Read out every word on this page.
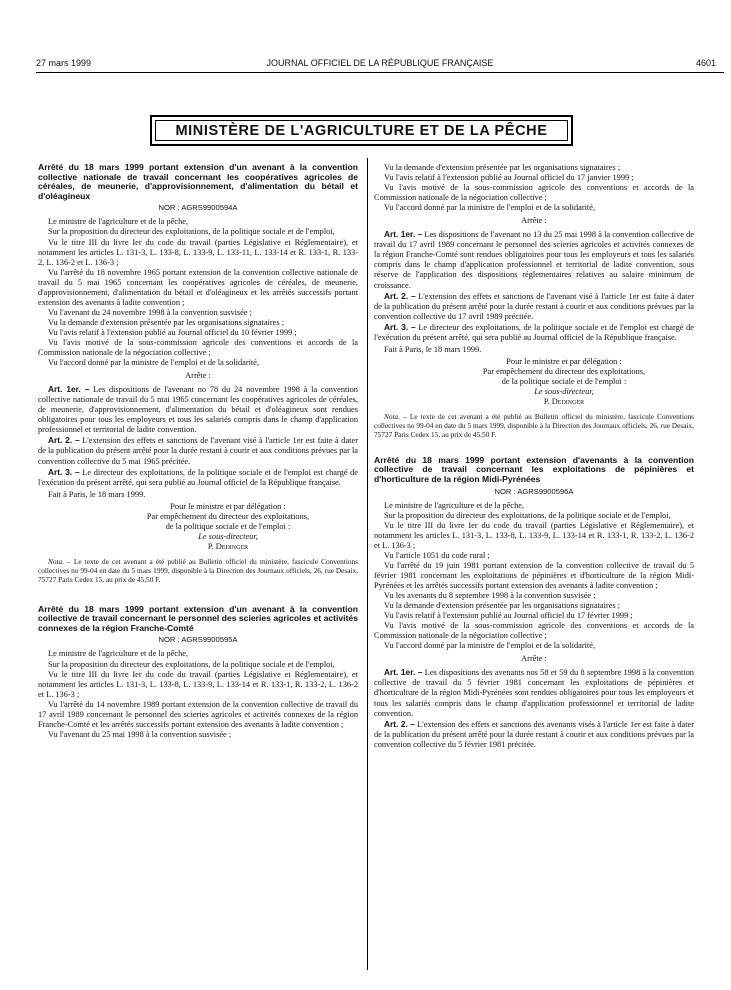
27 mars 1999	JOURNAL OFFICIEL DE LA RÉPUBLIQUE FRANÇAISE	4601
MINISTÈRE DE L'AGRICULTURE ET DE LA PÊCHE
Arrêté du 18 mars 1999 portant extension d'un avenant à la convention collective nationale de travail concernant les coopératives agricoles de céréales, de meunerie, d'approvisionnement, d'alimentation du bétail et d'oléagineux
NOR : AGRS9900594A

Le ministre de l'agriculture et de la pêche,

Sur la proposition du directeur des exploitations, de la politique sociale et de l'emploi,

Vu le titre III du livre Ier du code du travail (parties Législative et Réglementaire), et notamment les articles L. 131-3, L. 133-8, L. 133-9, L. 133-11, L. 133-14 et R. 133-1, R. 133-2, L. 136-2 et L. 136-3 ;

Vu l'arrêté du 18 novembre 1965 portant extension de la convention collective nationale de travail du 5 mai 1965 concernant les coopératives agricoles de céréales, de meunerie, d'approvisionnement, d'alimentation du bétail et d'oléagineux et les arrêtés successifs portant extension des avenants à ladite convention ;

Vu l'avenant du 24 novembre 1998 à la convention susvisée ;

Vu la demande d'extension présentée par les organisations signataires ;

Vu l'avis relatif à l'extension publié au Journal officiel du 10 février 1999 ;

Vu l'avis motivé de la sous-commission agricole des conventions et accords de la Commission nationale de la négociation collective ;

Vu l'accord donné par la ministre de l'emploi et de la solidarité,

Arrête :

Art. 1er. – Les dispositions de l'avenant no 78 du 24 novembre 1998 à la convention collective nationale de travail du 5 mai 1965 concernant les coopératives agricoles de céréales, de meunerie, d'approvisionnement, d'alimentation du bétail et d'oléagineux sont rendues obligatoires pour tous les employeurs et tous les salariés compris dans le champ d'application professionnel et territorial de ladite convention.

Art. 2. – L'extension des effets et sanctions de l'avenant visé à l'article 1er est faite à dater de la publication du présent arrêté pour la durée restant à courir et aux conditions prévues par la convention collective du 5 mai 1965 précitée.

Art. 3. – Le directeur des exploitations, de la politique sociale et de l'emploi est chargé de l'exécution du présent arrêté, qui sera publié au Journal officiel de la République française.

Fait à Paris, le 18 mars 1999.

Pour le ministre et par délégation :

Par empêchement du directeur des exploitations,

de la politique sociale et de l'emploi :

Le sous-directeur,

P. Dedinger

Nota. – Le texte de cet avenant a été publié au Bulletin officiel du ministère, fascicule Conventions collectives no 99-04 en date du 5 mars 1999, disponible à la Direction des Journaux officiels, 26, rue Desaix, 75727 Paris Cedex 15, au prix de 45,50 F.

Arrêté du 18 mars 1999 portant extension d'un avenant à la convention collective de travail concernant le personnel des scieries agricoles et activités connexes de la région Franche-Comté
NOR : AGRS9900595A

Le ministre de l'agriculture et de la pêche,

Sur la proposition du directeur des exploitations, de la politique sociale et de l'emploi,

Vu le titre III du livre Ier du code du travail (parties Législative et Réglementaire), et notamment les articles L. 131-3, L. 133-8, L. 133-9, L. 133-14 et R. 133-1, R. 133-2, L. 136-2 et L. 136-3 ;

Vu l'arrêté du 14 novembre 1989 portant extension de la convention collective de travail du 17 avril 1989 concernant le personnel des scieries agricoles et activités connexes de la région Franche-Comté et les arrêtés successifs portant extension des avenants à ladite convention ;

Vu l'avenant du 25 mai 1998 à la convention susvisée ;

Vu la demande d'extension présentée par les organisations signataires ;

Vu l'avis relatif à l'extension publié au Journal officiel du 17 janvier 1999 ;

Vu l'avis motivé de la sous-commission agricole des conventions et accords de la Commission nationale de la négociation collective ;

Vu l'accord donné par la ministre de l'emploi et de la solidarité,

Arrête :

Art. 1er. – Les dispositions de l'avenant no 13 du 25 mai 1998 à la convention collective de travail du 17 avril 1989 concernant le personnel des scieries agricoles et activités connexes de la région Franche-Comté sont rendues obligatoires pour tous les employeurs et tous les salariés compris dans le champ d'application professionnel et territorial de ladite convention, sous réserve de l'application des dispositions réglementaires relatives au salaire minimum de croissance.

Art. 2. – L'extension des effets et sanctions de l'avenant visé à l'article 1er est faite à dater de la publication du présent arrêté pour la durée restant à courir et aux conditions prévues par la convention collective du 17 avril 1989 précitée.

Art. 3. – Le directeur des exploitations, de la politique sociale et de l'emploi est chargé de l'exécution du présent arrêté, qui sera publié au Journal officiel de la République française.

Fait à Paris, le 18 mars 1999.

Pour le ministre et par délégation :

Par empêchement du directeur des exploitations,

de la politique sociale et de l'emploi :

Le sous-directeur,

P. Dedinger

Nota. – Le texte de cet avenant a été publié au Bulletin officiel du ministère, fascicule Conventions collectives no 99-04 en date du 5 mars 1999, disponible à la Direction des Journaux officiels, 26, rue Desaix, 75727 Paris Cedex 15, au prix de 45,50 F.

Arrêté du 18 mars 1999 portant extension d'avenants à la convention collective de travail concernant les exploitations de pépinières et d'horticulture de la région Midi-Pyrénées
NOR : AGRS9900596A

Le ministre de l'agriculture et de la pêche,

Sur la proposition du directeur des exploitations, de la politique sociale et de l'emploi,

Vu le titre III du livre Ier du code du travail (parties Législative et Réglementaire), et notamment les articles L. 131-3, L. 133-8, L. 133-9, L. 133-14 et R. 133-1, R. 133-2, L. 136-2 et L. 136-3 ;

Vu l'article 1051 du code rural ;

Vu l'arrêté du 19 juin 1981 portant extension de la convention collective de travail du 5 février 1981 concernant les exploitations de pépinières et d'horticulture de la région Midi-Pyrénées et les arrêtés successifs portant extension des avenants à ladite convention ;

Vu les avenants du 8 septembre 1998 à la convention susvisée ;

Vu la demande d'extension présentée par les organisations signataires ;

Vu l'avis relatif à l'extension publié au Journal officiel du 17 février 1999 ;

Vu l'avis motivé de la sous-commission agricole des conventions et accords de la Commission nationale de la négociation collective ;

Vu l'accord donné par la ministre de l'emploi et de la solidarité,

Arrête :

Art. 1er. – Les dispositions des avenants nos 58 et 59 du 8 septembre 1998 à la convention collective de travail du 5 février 1981 concernant les exploitations de pépinières et d'horticulture de la région Midi-Pyrénées sont rendues obligatoires pour tous les employeurs et tous les salariés compris dans le champ d'application professionnel et territorial de ladite convention.

Art. 2. – L'extension des effets et sanctions des avenants visés à l'article 1er est faite à dater de la publication du présent arrêté pour la durée restant à courir et aux conditions prévues par la convention collective du 5 février 1981 précitée.
